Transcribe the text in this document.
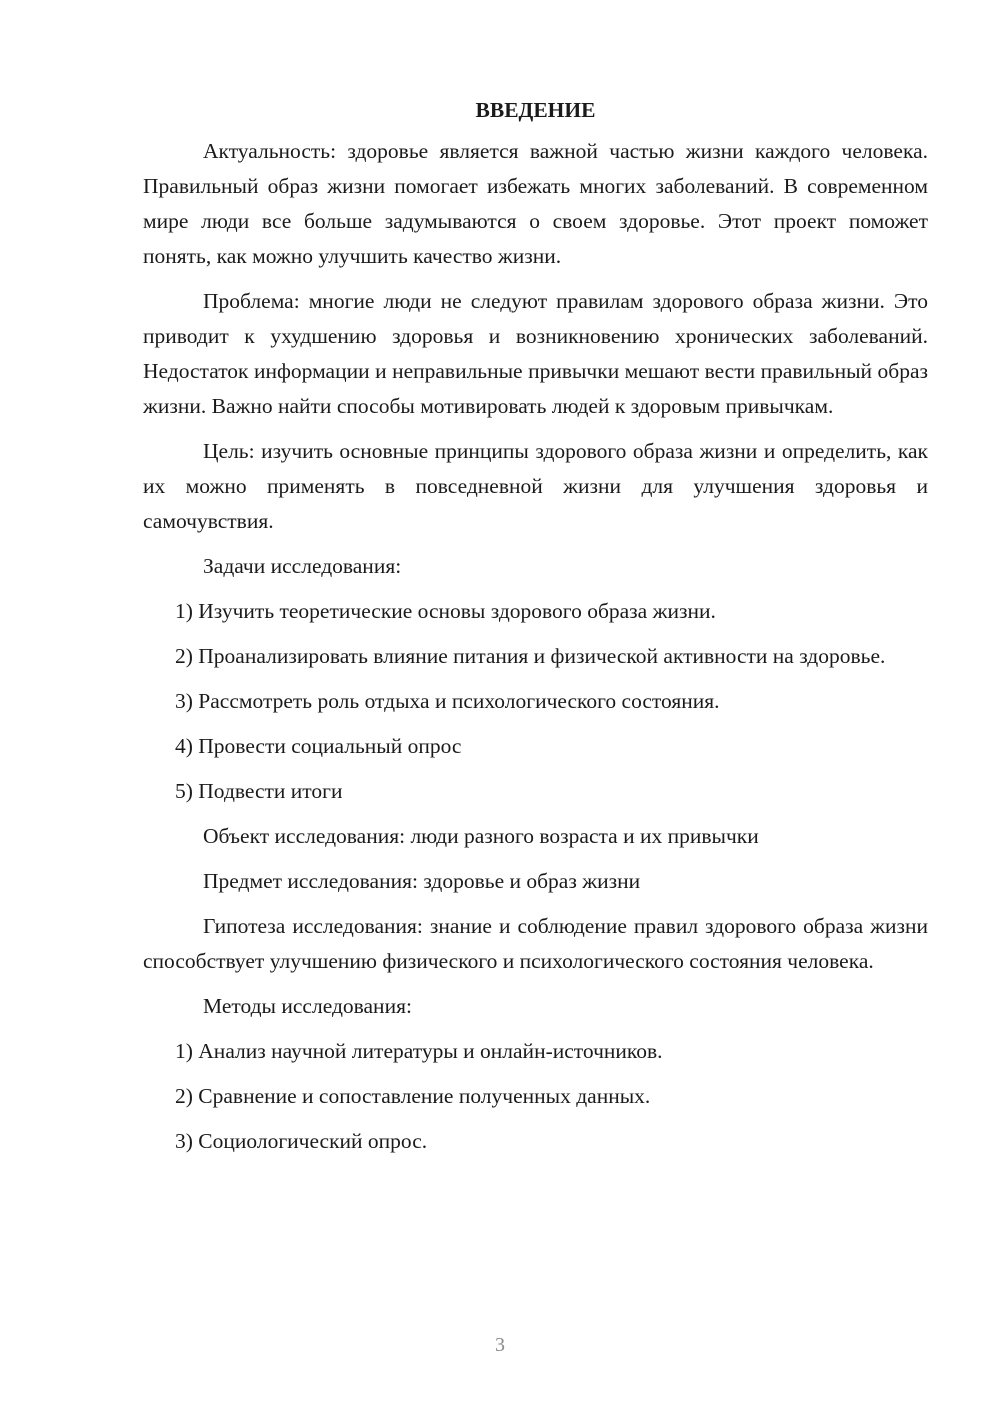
ВВЕДЕНИЕ

Актуальность: здоровье является важной частью жизни каждого человека. Правильный образ жизни помогает избежать многих заболеваний. В современном мире люди все больше задумываются о своем здоровье. Этот проект поможет понять, как можно улучшить качество жизни.

Проблема: многие люди не следуют правилам здорового образа жизни. Это приводит к ухудшению здоровья и возникновению хронических заболеваний. Недостаток информации и неправильные привычки мешают вести правильный образ жизни. Важно найти способы мотивировать людей к здоровым привычкам.

Цель: изучить основные принципы здорового образа жизни и определить, как их можно применять в повседневной жизни для улучшения здоровья и самочувствия.

Задачи исследования:

1) Изучить теоретические основы здорового образа жизни.

2) Проанализировать влияние питания и физической активности на здоровье.

3) Рассмотреть роль отдыха и психологического состояния.

4) Провести социальный опрос

5) Подвести итоги

Объект исследования: люди разного возраста и их привычки

Предмет исследования: здоровье и образ жизни

Гипотеза исследования: знание и соблюдение правил здорового образа жизни способствует улучшению физического и психологического состояния человека.

Методы исследования:

1) Анализ научной литературы и онлайн-источников.

2) Сравнение и сопоставление полученных данных.

3) Социологический опрос.

3
